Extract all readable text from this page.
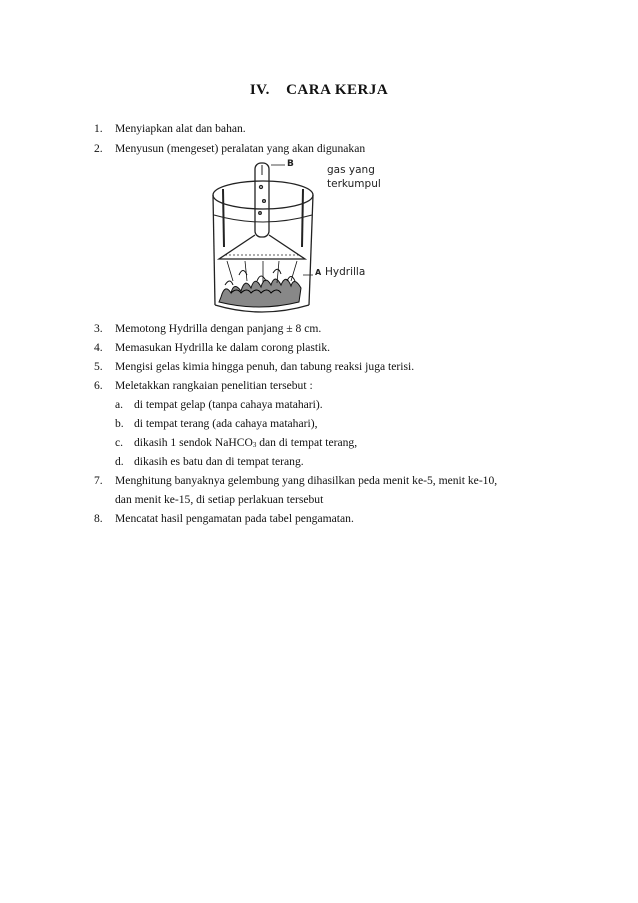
IV. CARA KERJA
1. Menyiapkan alat dan bahan.
2. Menyusun (mengeset) peralatan yang akan digunakan
B	gas yang
terkumpul
A Hydrilla
3. Memotong Hydrilla dengan panjang ± 8 cm.
4. Memasukan Hydrilla ke dalam corong plastik.
5. Mengisi gelas kimia hingga penuh, dan tabung reaksi juga terisi.
6. Meletakkan rangkaian penelitian tersebut :
a. di tempat gelap (tanpa cahaya matahari).
b. di tempat terang (ada cahaya matahari),
c. dikasih 1 sendok NaHCO$_3$ dan di tempat terang,
d. dikasih es batu dan di tempat terang.
7. Menghitung banyaknya gelembung yang dihasilkan peda menit ke-5, menit ke-10,
dan menit ke-15, di setiap perlakuan tersebut
8. Mencatat hasil pengamatan pada tabel pengamatan.
